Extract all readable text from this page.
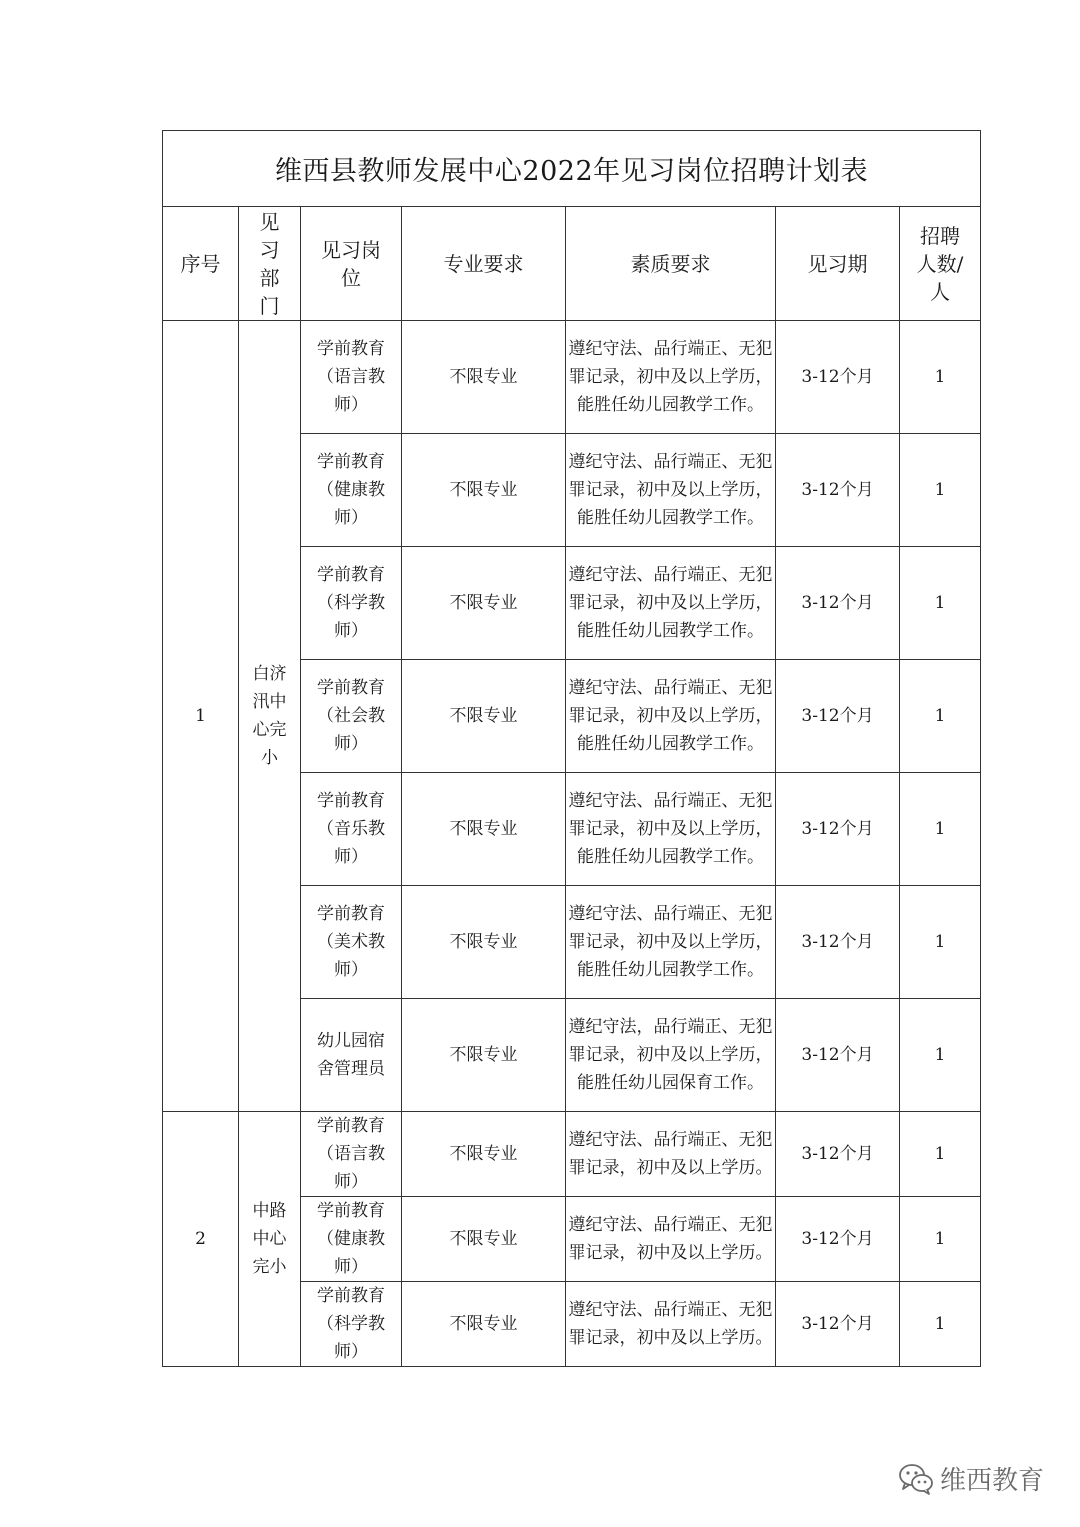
维西县教师发展中心2022年见习岗位招聘计划表						
序号	见习部门	见习岗位	专业要求	素质要求	见习期	招聘人数/人
1	白济汛中心完小	学前教育（语言教师）	不限专业	遵纪守法、品行端正、无犯罪记录，初中及以上学历，能胜任幼儿园教学工作。	3-12个月	1
		学前教育（健康教师）	不限专业	遵纪守法、品行端正、无犯罪记录，初中及以上学历，能胜任幼儿园教学工作。	3-12个月	1
		学前教育（科学教师）	不限专业	遵纪守法、品行端正、无犯罪记录，初中及以上学历，能胜任幼儿园教学工作。	3-12个月	1
		学前教育（社会教师）	不限专业	遵纪守法、品行端正、无犯罪记录，初中及以上学历，能胜任幼儿园教学工作。	3-12个月	1
		学前教育（音乐教师）	不限专业	遵纪守法、品行端正、无犯罪记录，初中及以上学历，能胜任幼儿园教学工作。	3-12个月	1
		学前教育（美术教师）	不限专业	遵纪守法、品行端正、无犯罪记录，初中及以上学历，能胜任幼儿园教学工作。	3-12个月	1
		幼儿园宿舍管理员	不限专业	遵纪守法，品行端正、无犯罪记录，初中及以上学历，能胜任幼儿园保育工作。	3-12个月	1
2	中路中心完小	学前教育（语言教师）	不限专业	遵纪守法、品行端正、无犯罪记录，初中及以上学历。	3-12个月	1
		学前教育（健康教师）	不限专业	遵纪守法、品行端正、无犯罪记录，初中及以上学历。	3-12个月	1
		学前教育（科学教师）	不限专业	遵纪守法、品行端正、无犯罪记录，初中及以上学历。	3-12个月	1
维西教育
